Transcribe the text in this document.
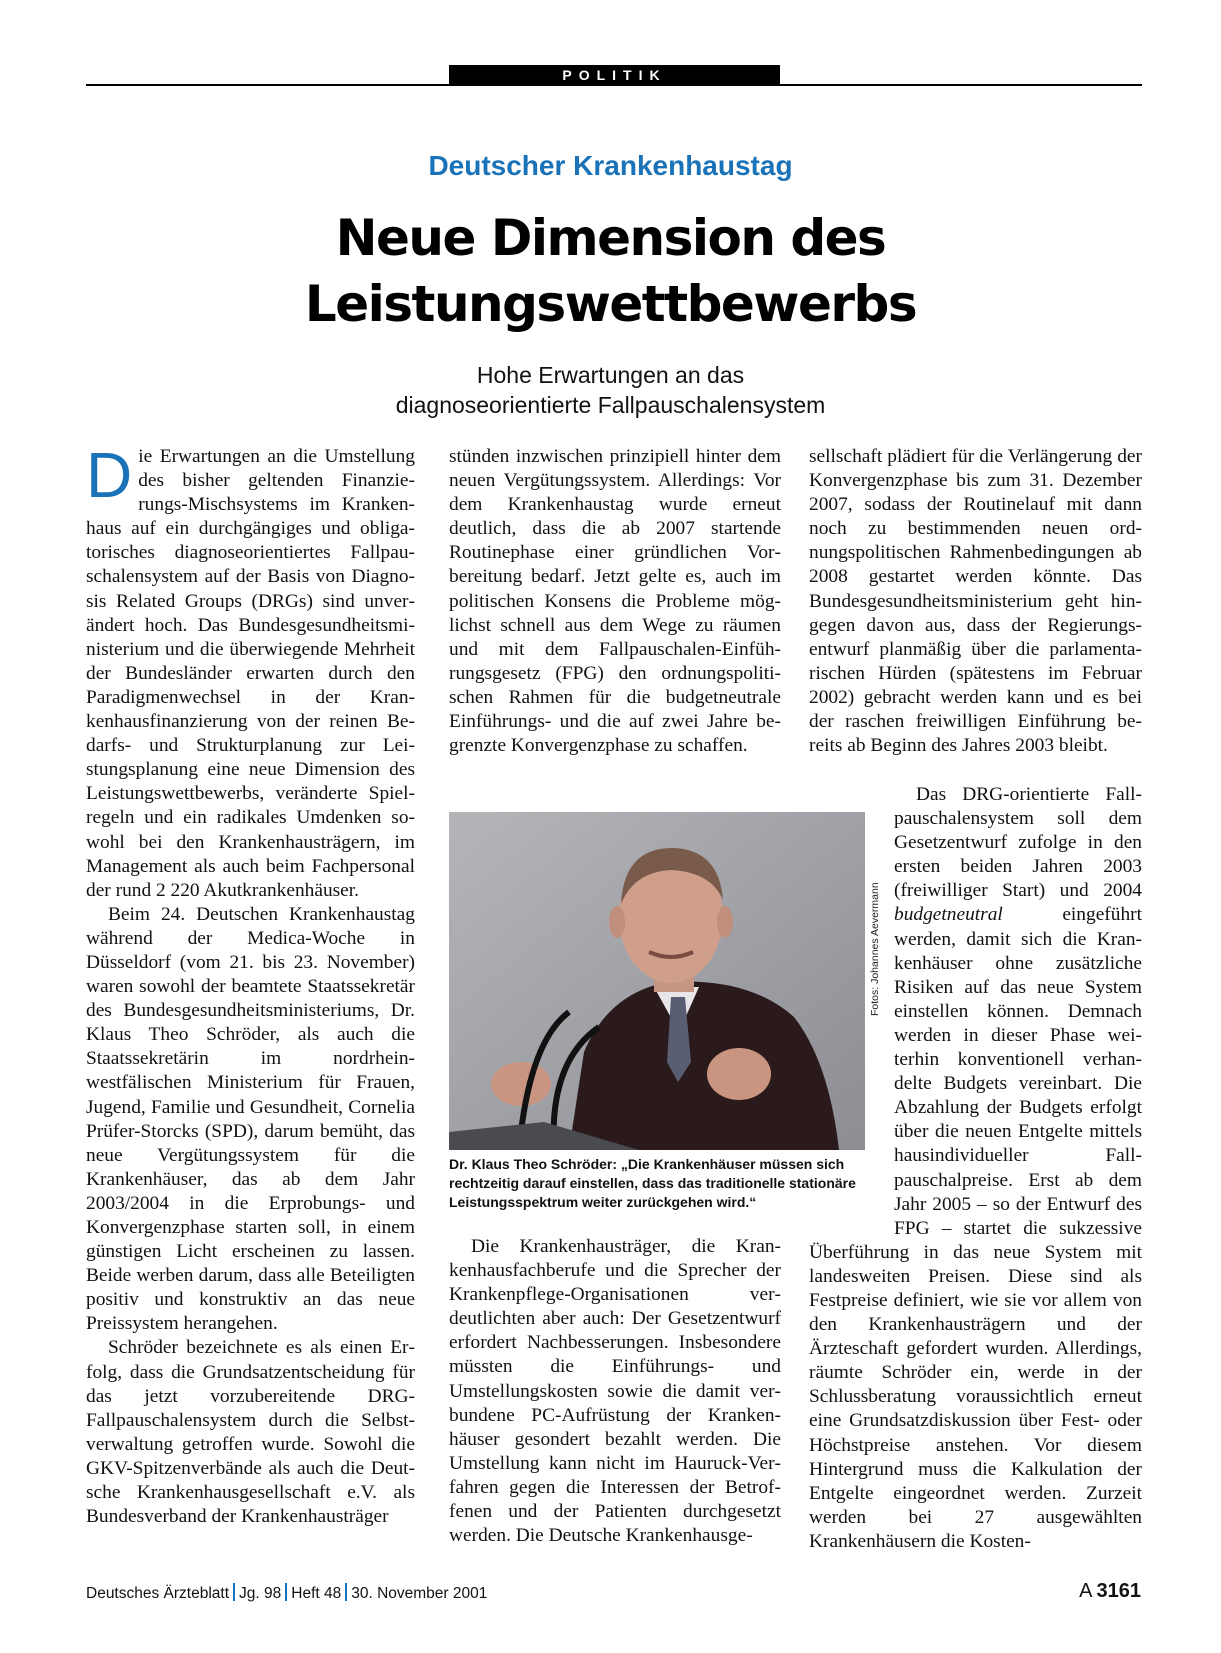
POLITIK
Deutscher Krankenhaustag
Neue Dimension des
Leistungswettbewerbs
Hohe Erwartungen an das
diagnoseorientierte Fallpauschalensystem

Die Erwartungen an die Umstellung des bisher geltenden Finanzierungs-Mischsystems im Krankenhaus auf ein durchgängiges und obligatorisches diagnoseorientiertes Fallpauschalensystem auf der Basis von Diagnosis Related Groups (DRGs) sind unverändert hoch. Das Bundesgesundheitsministerium und die überwiegende Mehrheit der Bundesländer erwarten durch den Paradigmenwechsel in der Krankenhausfinanzierung von der reinen Bedarfs- und Strukturplanung zur Leistungsplanung eine neue Dimension des Leistungswettbewerbs, veränderte Spielregeln und ein radikales Umdenken sowohl bei den Krankenhausträgern, im Management als auch beim Fachpersonal der rund 2 220 Akutkrankenhäuser.

Beim 24. Deutschen Krankenhaustag während der Medica-Woche in Düsseldorf (vom 21. bis 23. November) waren sowohl der beamtete Staatssekretär des Bundesgesundheitsministeriums, Dr. Klaus Theo Schröder, als auch die Staatssekretärin im nordrhein-westfälischen Ministerium für Frauen, Jugend, Familie und Gesundheit, Cornelia Prüfer-Storcks (SPD), darum bemüht, das neue Vergütungssystem für die Krankenhäuser, das ab dem Jahr 2003/2004 in die Erprobungs- und Konvergenzphase starten soll, in einem günstigen Licht erscheinen zu lassen. Beide werben darum, dass alle Beteiligten positiv und konstruktiv an das neue Preissystem herangehen.

Schröder bezeichnete es als einen Erfolg, dass die Grundsatzentscheidung für das jetzt vorzubereitende DRG-Fallpauschalensystem durch die Selbstverwaltung getroffen wurde. Sowohl die GKV-Spitzenverbände als auch die Deutsche Krankenhausgesellschaft e.V. als Bundesverband der Krankenhausträger

stünden inzwischen prinzipiell hinter dem neuen Vergütungssystem. Allerdings: Vor dem Krankenhaustag wurde erneut deutlich, dass die ab 2007 startende Routinephase einer gründlichen Vorbereitung bedarf. Jetzt gelte es, auch im politischen Konsens die Probleme möglichst schnell aus dem Wege zu räumen und mit dem Fallpauschalen-Einführungsgesetz (FPG) den ordnungspolitischen Rahmen für die budgetneutrale Einführungs- und die auf zwei Jahre begrenzte Konvergenzphase zu schaffen.

Fotos: Johannes Aevermann
Dr. Klaus Theo Schröder: „Die Krankenhäuser müssen sich rechtzeitig darauf einstellen, dass das traditionelle stationäre Leistungsspektrum weiter zurückgehen wird.“

Die Krankenhausträger, die Krankenhausfachberufe und die Sprecher der Krankenpflege-Organisationen verdeutlichten aber auch: Der Gesetzentwurf erfordert Nachbesserungen. Insbesondere müssten die Einführungs- und Umstellungskosten sowie die damit verbundene PC-Aufrüstung der Krankenhäuser gesondert bezahlt werden. Die Umstellung kann nicht im Hauruck-Verfahren gegen die Interessen der Betroffenen und der Patienten durchgesetzt werden. Die Deutsche Krankenhausge-

sellschaft plädiert für die Verlängerung der Konvergenzphase bis zum 31. Dezember 2007, sodass der Routinelauf mit dann noch zu bestimmenden neuen ordnungspolitischen Rahmenbedingungen ab 2008 gestartet werden könnte. Das Bundesgesundheitsministerium geht hingegen davon aus, dass der Regierungsentwurf planmäßig über die parlamentarischen Hürden (spätestens im Februar 2002) gebracht werden kann und es bei der raschen freiwilligen Einführung bereits ab Beginn des Jahres 2003 bleibt.

Das DRG-orientierte Fallpauschalensystem soll dem Gesetzentwurf zufolge in den ersten beiden Jahren 2003 (freiwilliger Start) und 2004 budgetneutral	eingeführt werden, damit sich die Krankenhäuser ohne zusätzliche Risiken auf das neue System einstellen können. Demnach werden in dieser Phase weiterhin konventionell verhandelte Budgets vereinbart. Die Abzahlung der Budgets erfolgt über die neuen Entgelte mittels hausindividueller Fallpauschalpreise. Erst ab dem Jahr 2005 – so der Entwurf des FPG – startet die sukzessive Überführung in das neue System mit landesweiten Preisen. Diese sind als Festpreise definiert, wie sie vor allem von den Krankenhausträgern und der Ärzteschaft gefordert wurden. Allerdings, räumte Schröder ein, werde in der Schlussberatung voraussichtlich erneut eine Grundsatzdiskussion über Fest- oder Höchstpreise anstehen. Vor diesem Hintergrund muss die Kalkulation der Entgelte eingeordnet werden. Zurzeit werden bei 27 ausgewählten Krankenhäusern die Kosten-

Deutsches Ärzteblatt Jg. 98 Heft 48 30. November 2001	A 3161
